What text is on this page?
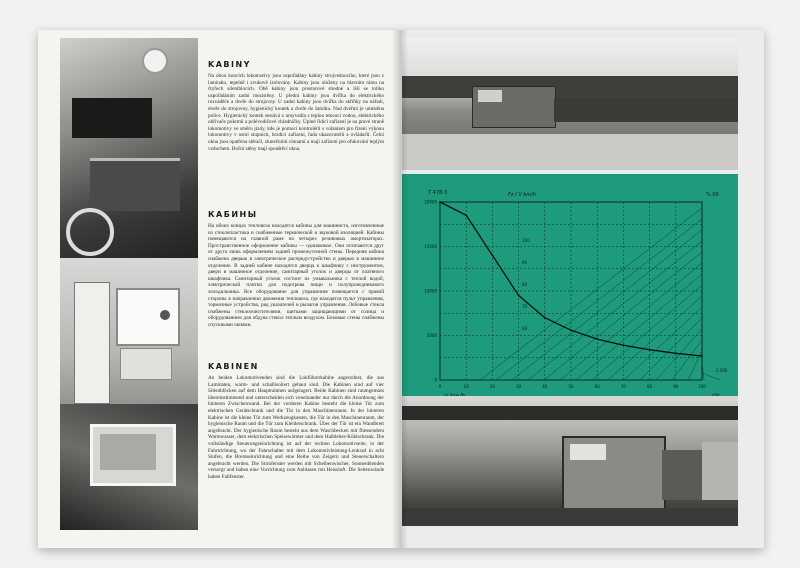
KABINY
Na obou koncích lokomotivy jsou uspořádány kabiny strojvedoucího, které jsou z lamináto, tepelně i zvukově izolovány. Kabiny jsou uloženy na hlavním rámu na čtyřech silentblocích. Obě kabiny jsou prostorově shodné a liší se toliko uspořádáním zadní mezistěny. U přední kabiny jsou dvířka do elektrického rozváděče a dveře do strojovny. U zadní kabiny jsou dvířka do skříňky na nářadí, dveře do strojovny, hygienický koutek a dveře do šatníku. Nad dveřmi je umístěna police. Hygienický koutek sestává z umyvadla s teplou tekoucí vodou, elektrického ohřívače pokrmů a polévodičové chladničky. Úplné řídicí zařízení je na pravé straně lokomotivy ve směru jízdy, kde je pomocí kontrolérů s volantem pro řízení výkonu lokomotivy v osmi stupních, brzdicí zařízení, řada ukazovatelů a ovládačů. Čelní okna jsou opatřena stěrači, slunečními clonami a mají zařízení pro ofukování teplým vzduchem. Boční stěny mají spouštěcí okna.
КАБИНЫ
На обоих концах тепловоза находятся кабины для машиниста, изготовленные из стеклопластика и снабженные термической и звуковой изоляцией. Кабины помещаются на главной раме на четырех резиновых амортизаторах. Пространственное оформление кабины — одинаковое. Они отличаются друг от друга лишь оформлением задней промежуточной стены. Передняя кабина снабжена дверью в электрическое распредустройство и дверью в машинное отделение. В задней кабине находятся дверца к шкафчику с инструментом, двери в машинное отделение, санитарный уголок и дверцы от платяного шкафчика. Санитарный уголок состоит из умывальника с теплой водой, электрической плитки для подогрева пищи и полупроводникового холодильника. Все оборудование для управления помещается с правой стороны в направлении движения тепловоза, где находятся пульт управления, тормозные устройства, ряд указателей и рычагов управления. Лобовые стекла снабжены стеклоочистителями, щитками защищающими от солнца и оборудованием для обдува стекол теплым воздухом. Боковые стены снабжены спускными окнами.
KABINEN
An beiden Lokomotivenden sind die Lokführerkabine angeordnet, die aus Laminaten, warm- und schallisoliert gebaut sind. Die Kabinen sind auf vier Silentblöcken auf dem Hauptrahmen aufgelagert. Beide Kabinen sind raumgemäss übereinstimmend und unterscheiden sich voneinander nur durch die Anordnung der hinteren Zwischenwand. Bei der vorderen Kabine besteht die kleine Tür zum elektrischen Gerätschrank und die Tür in den Maschinenraum. In der hinteren Kabine ist die kleine Tür zum Werkzeugkasten, die Tür in den Maschinenraum, der hygienische Raum und die Tür zum Kleiderschrank. Über der Tür ist ein Wandbrett angebracht. Der hygienische Raum besteht aus dem Waschbecken mit fliessendem Warmwasser, dem elektrischen Speisewärmer und dem Halbleiter-Kühlschrank. Die vollständige Steuerungseinrichtung ist auf der rechten Lokomotivseite, in der Fahrtrichtung, wo der Fahrschalter mit dem Lokomotivleistung-Lenkrad in acht Stufen, die Bremseinrichtung und eine Reihe von Zeigern und Steuerschaltern angebracht werden. Die Stirnfenster werden mit Scheibenwischer, Sonnenblenden versorgt und haben eine Vorrichtung zum Anblasen mit Heissluft. Die Seitenwände haben Fallfenster.
0	10	20	30	40	50	60	70	80	90	100
2 000
20000
15000
10000
5000
0
100
90
80
70
60
T 478-3	Fz / V km/h	% 00
